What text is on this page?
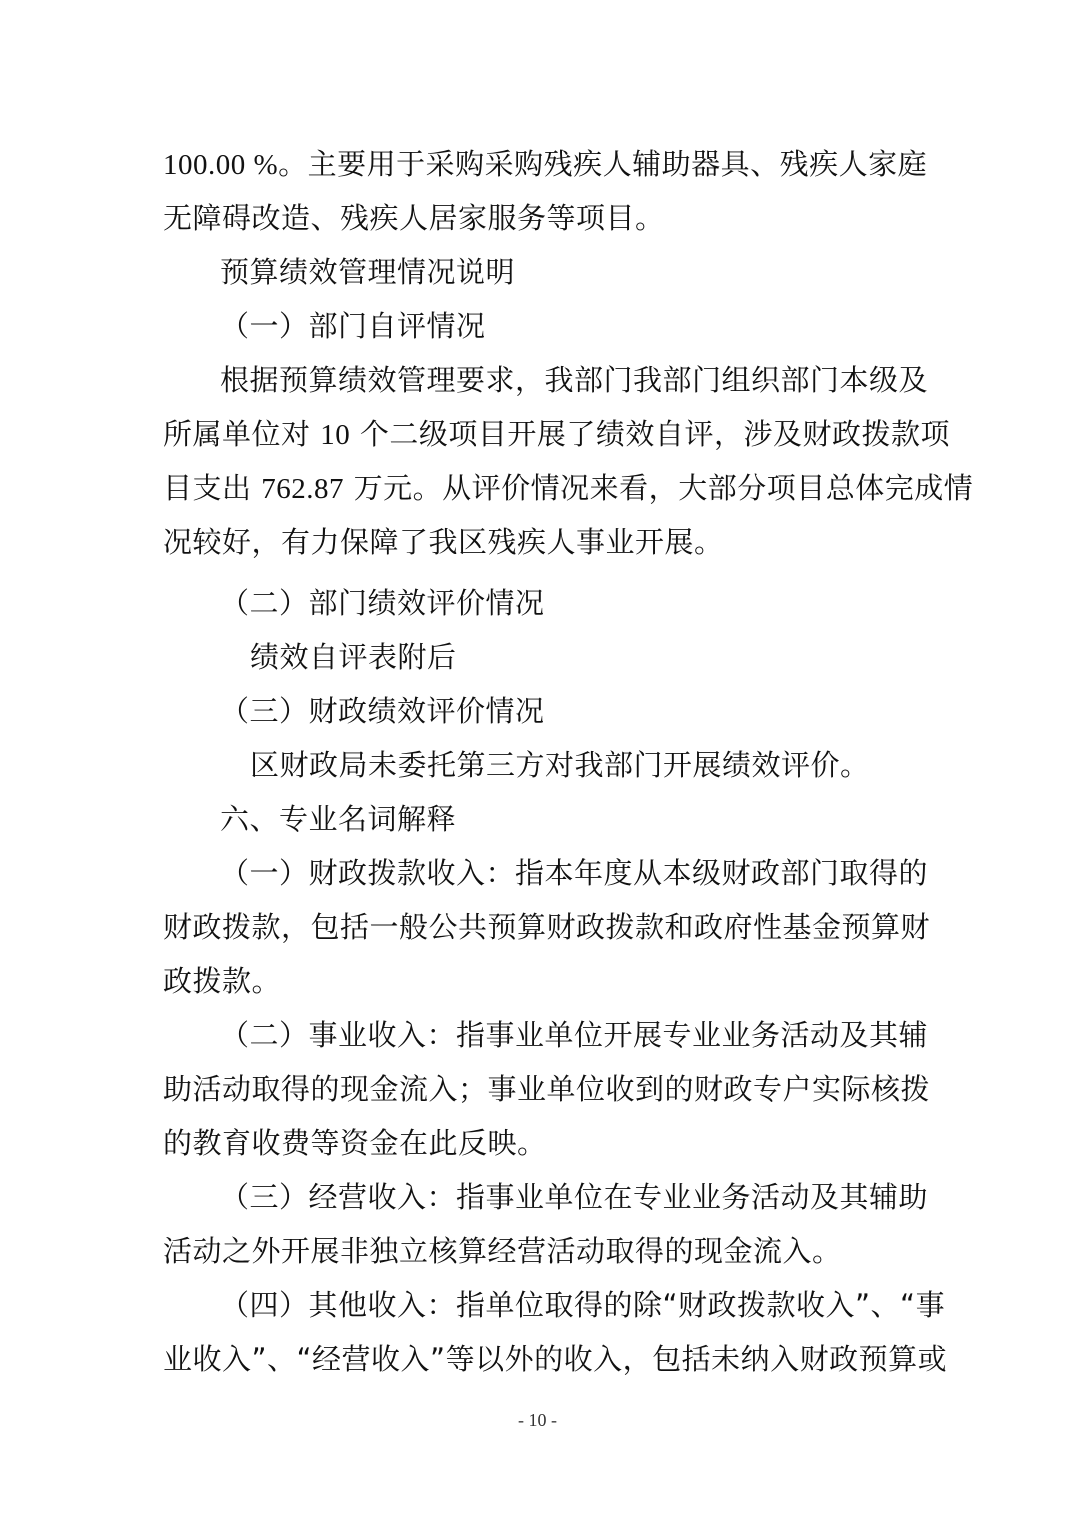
100.00 %。主要用于采购采购残疾人辅助器具、残疾人家庭
无障碍改造、残疾人居家服务等项目。
预算绩效管理情况说明
（一）部门自评情况
根据预算绩效管理要求，我部门我部门组织部门本级及
所属单位对 10 个二级项目开展了绩效自评，涉及财政拨款项
目支出 762.87 万元。从评价情况来看，大部分项目总体完成情
况较好，有力保障了我区残疾人事业开展。
（二）部门绩效评价情况
绩效自评表附后
（三）财政绩效评价情况
区财政局未委托第三方对我部门开展绩效评价。
六、专业名词解释
（一）财政拨款收入：指本年度从本级财政部门取得的
财政拨款，包括一般公共预算财政拨款和政府性基金预算财
政拨款。
（二）事业收入：指事业单位开展专业业务活动及其辅
助活动取得的现金流入；事业单位收到的财政专户实际核拨
的教育收费等资金在此反映。
（三）经营收入：指事业单位在专业业务活动及其辅助
活动之外开展非独立核算经营活动取得的现金流入。
（四）其他收入：指单位取得的除“财政拨款收入”、“事
业收入”、“经营收入”等以外的收入，包括未纳入财政预算或
- 10 -
